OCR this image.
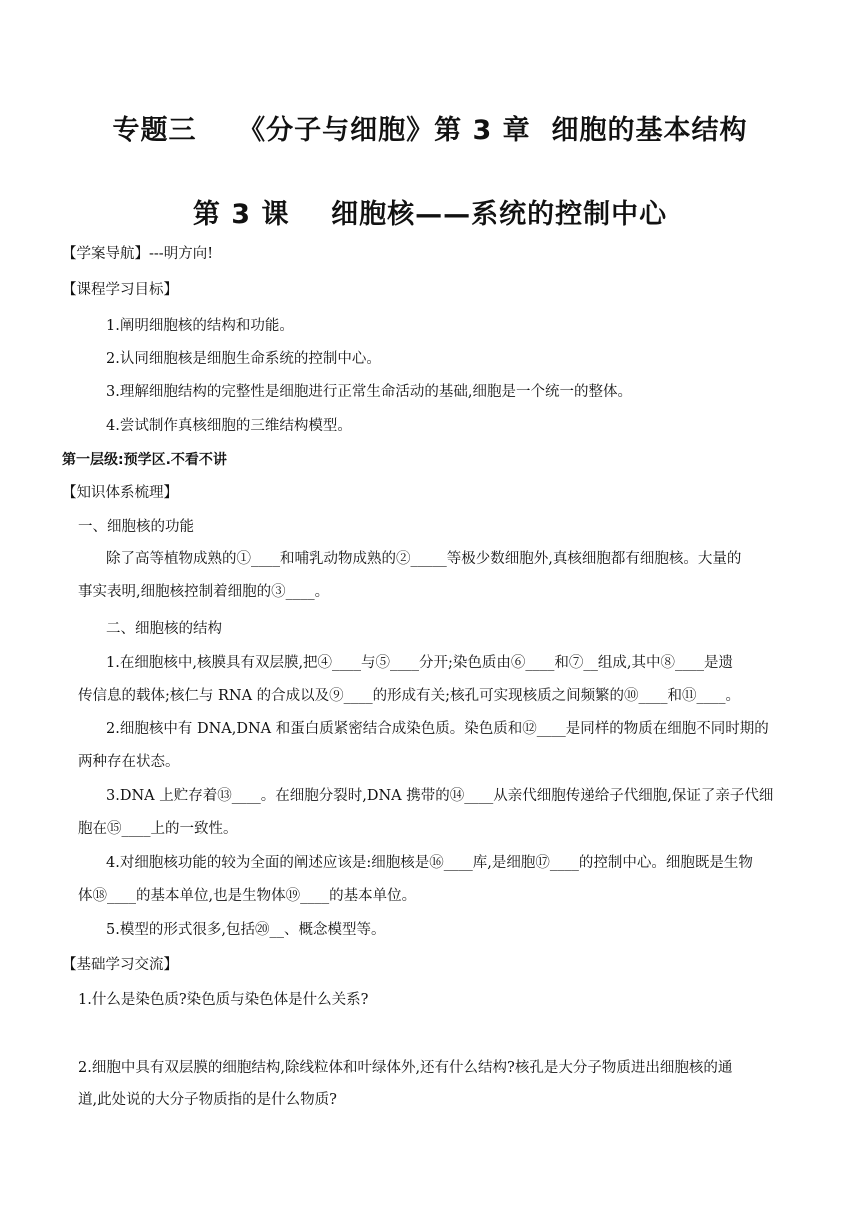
专题三    《分子与细胞》第 3 章  细胞的基本结构
第 3 课    细胞核——系统的控制中心
【学案导航】---明方向!
【课程学习目标】
1.阐明细胞核的结构和功能。
2.认同细胞核是细胞生命系统的控制中心。
3.理解细胞结构的完整性是细胞进行正常生命活动的基础,细胞是一个统一的整体。
4.尝试制作真核细胞的三维结构模型。
第一层级:预学区.不看不讲
【知识体系梳理】
一、细胞核的功能
除了高等植物成熟的①____和哺乳动物成熟的②_____等极少数细胞外,真核细胞都有细胞核。大量的
事实表明,细胞核控制着细胞的③____。
二、细胞核的结构
1.在细胞核中,核膜具有双层膜,把④____与⑤____分开;染色质由⑥____和⑦__组成,其中⑧____是遗
传信息的载体;核仁与 RNA 的合成以及⑨____的形成有关;核孔可实现核质之间频繁的⑩____和⑪____。
2.细胞核中有 DNA,DNA 和蛋白质紧密结合成染色质。染色质和⑫____是同样的物质在细胞不同时期的
两种存在状态。
3.DNA 上贮存着⑬____。在细胞分裂时,DNA 携带的⑭____从亲代细胞传递给子代细胞,保证了亲子代细
胞在⑮____上的一致性。
4.对细胞核功能的较为全面的阐述应该是:细胞核是⑯____库,是细胞⑰____的控制中心。细胞既是生物
体⑱____的基本单位,也是生物体⑲____的基本单位。
5.模型的形式很多,包括⑳__、概念模型等。
【基础学习交流】
1.什么是染色质?染色质与染色体是什么关系?
2.细胞中具有双层膜的细胞结构,除线粒体和叶绿体外,还有什么结构?核孔是大分子物质进出细胞核的通
道,此处说的大分子物质指的是什么物质?
